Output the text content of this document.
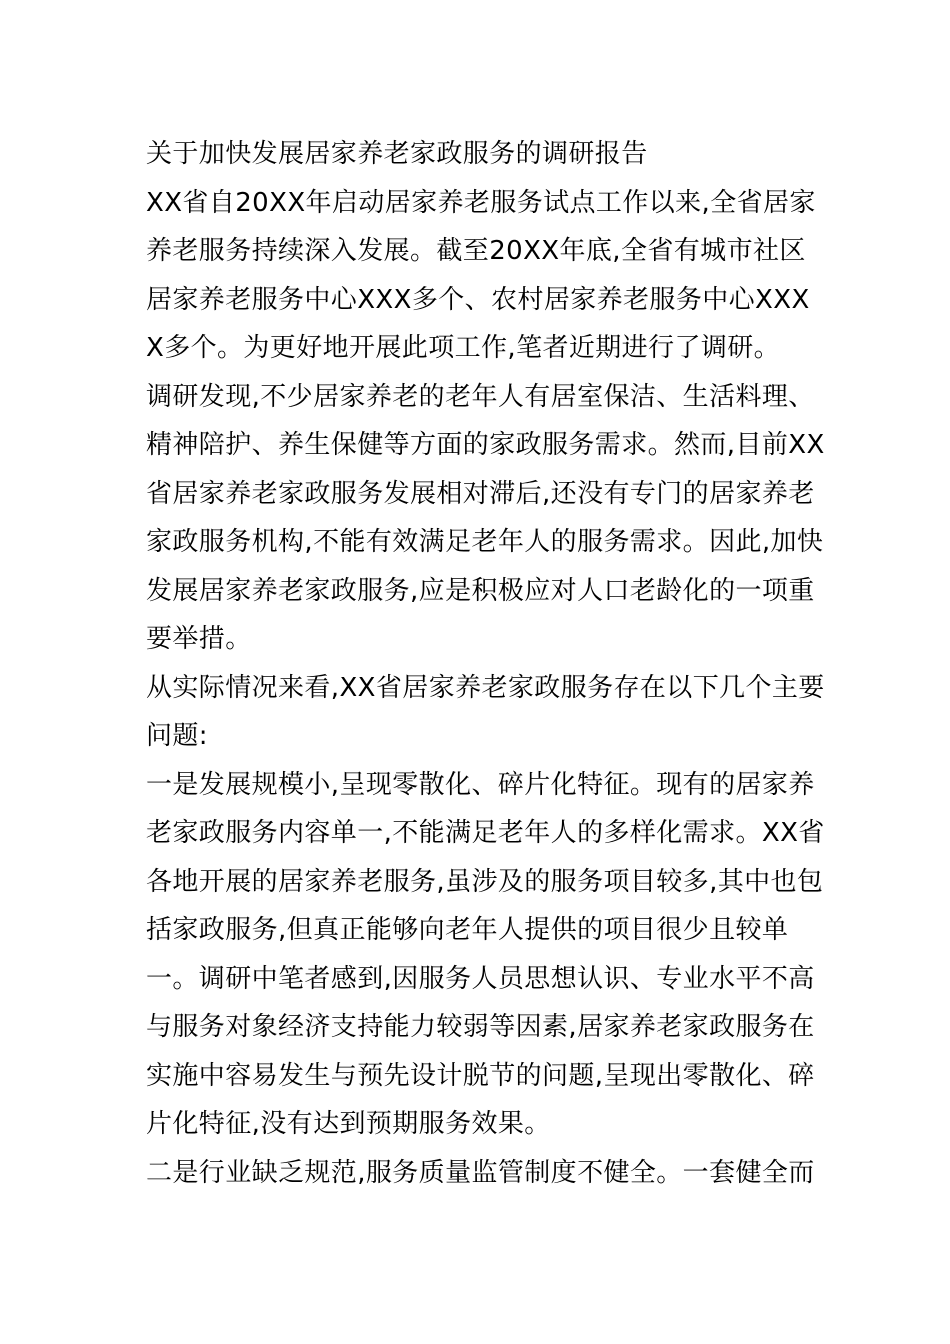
关于加快发展居家养老家政服务的调研报告

XX省自20XX年启动居家养老服务试点工作以来,全省居家养老服务持续深入发展。截至20XX年底,全省有城市社区居家养老服务中心XXX多个、农村居家养老服务中心XXXX多个。为更好地开展此项工作,笔者近期进行了调研。

调研发现,不少居家养老的老年人有居室保洁、生活料理、精神陪护、养生保健等方面的家政服务需求。然而,目前XX省居家养老家政服务发展相对滞后,还没有专门的居家养老家政服务机构,不能有效满足老年人的服务需求。因此,加快发展居家养老家政服务,应是积极应对人口老龄化的一项重要举措。

从实际情况来看,XX省居家养老家政服务存在以下几个主要问题:

一是发展规模小,呈现零散化、碎片化特征。现有的居家养老家政服务内容单一,不能满足老年人的多样化需求。XX省各地开展的居家养老服务,虽涉及的服务项目较多,其中也包括家政服务,但真正能够向老年人提供的项目很少且较单一。调研中笔者感到,因服务人员思想认识、专业水平不高与服务对象经济支持能力较弱等因素,居家养老家政服务在实施中容易发生与预先设计脱节的问题,呈现出零散化、碎片化特征,没有达到预期服务效果。

二是行业缺乏规范,服务质量监管制度不健全。一套健全而
